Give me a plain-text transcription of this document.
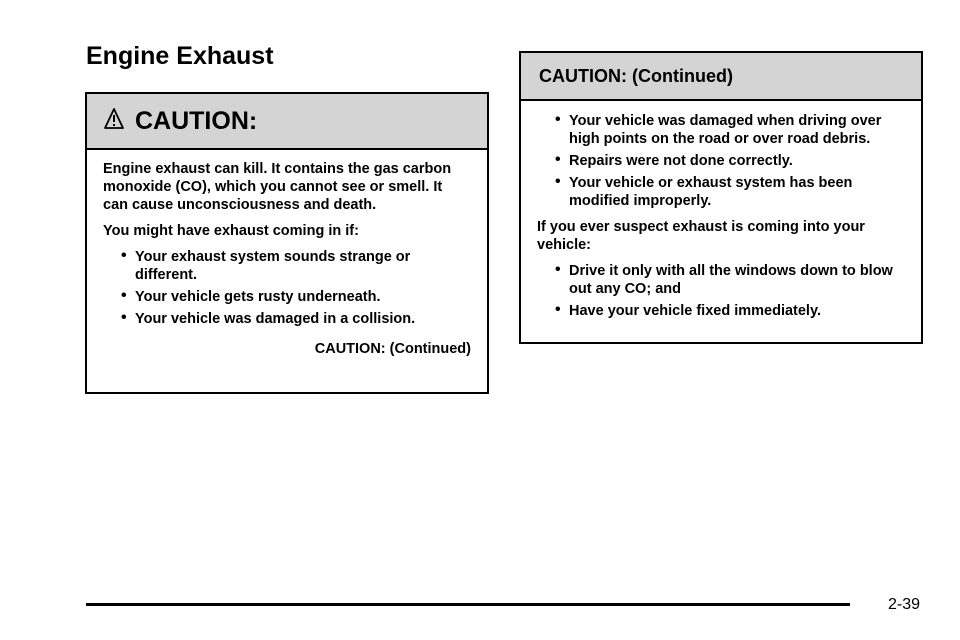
Engine Exhaust
CAUTION:

Engine exhaust can kill. It contains the gas carbon monoxide (CO), which you cannot see or smell. It can cause unconsciousness and death.

You might have exhaust coming in if:

• Your exhaust system sounds strange or different.
• Your vehicle gets rusty underneath.
• Your vehicle was damaged in a collision.
CAUTION: (Continued)
CAUTION: (Continued)
• Your vehicle was damaged when driving over high points on the road or over road debris.
• Repairs were not done correctly.
• Your vehicle or exhaust system has been modified improperly.

If you ever suspect exhaust is coming into your vehicle:

• Drive it only with all the windows down to blow out any CO; and
• Have your vehicle fixed immediately.
2-39
